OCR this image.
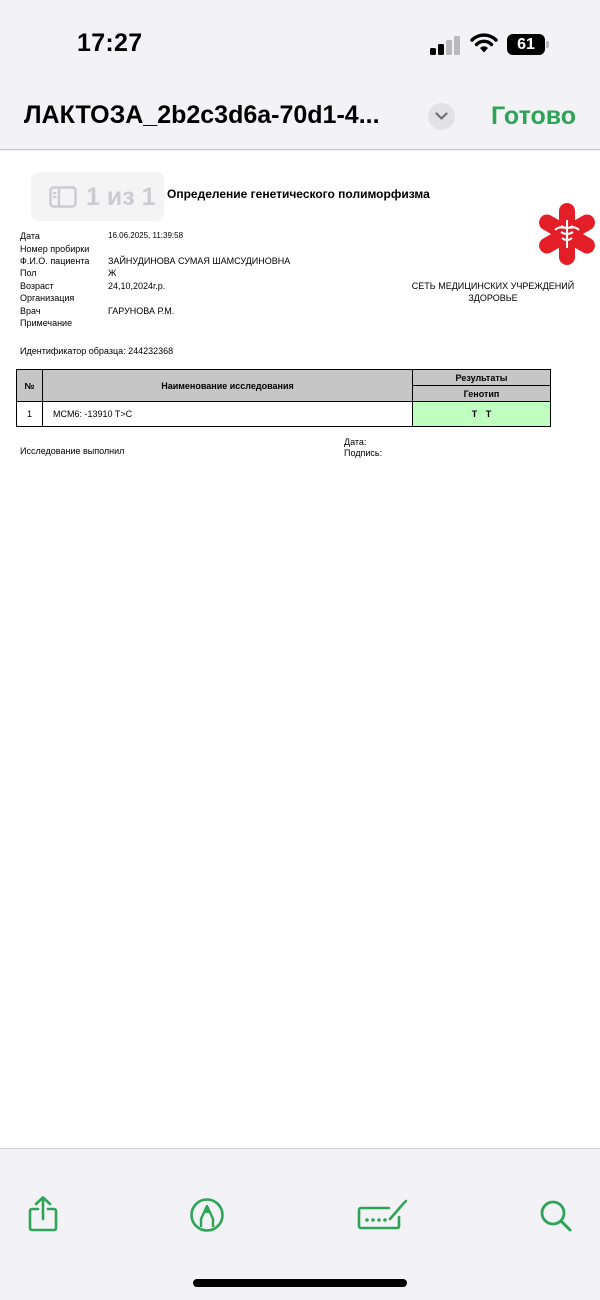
17:27	61
ЛАКТОЗА_2b2c3d6a-70d1-4...	Готово
1 из 1 Определение генетического полиморфизма
Дата	16.06.2025, 11:39:58
Номер пробирки
Ф.И.О. пациента ЗАЙНУДИНОВА СУМАЯ ШАМСУДИНОВНА
Пол	Ж
Возраст	24,10,2024г.р.
Организация
Врач	ГАРУНОВА Р.М.
Примечание
СЕТЬ МЕДИЦИНСКИХ УЧРЕЖДЕНИЙ ЗДОРОВЬЕ
Идентификатор образца: 244232368
№	Наименование исследования	Результаты
		Генотип
1	MCM6: -13910 T>C	T T
Исследование выполнил
Дата:
Подпись:
